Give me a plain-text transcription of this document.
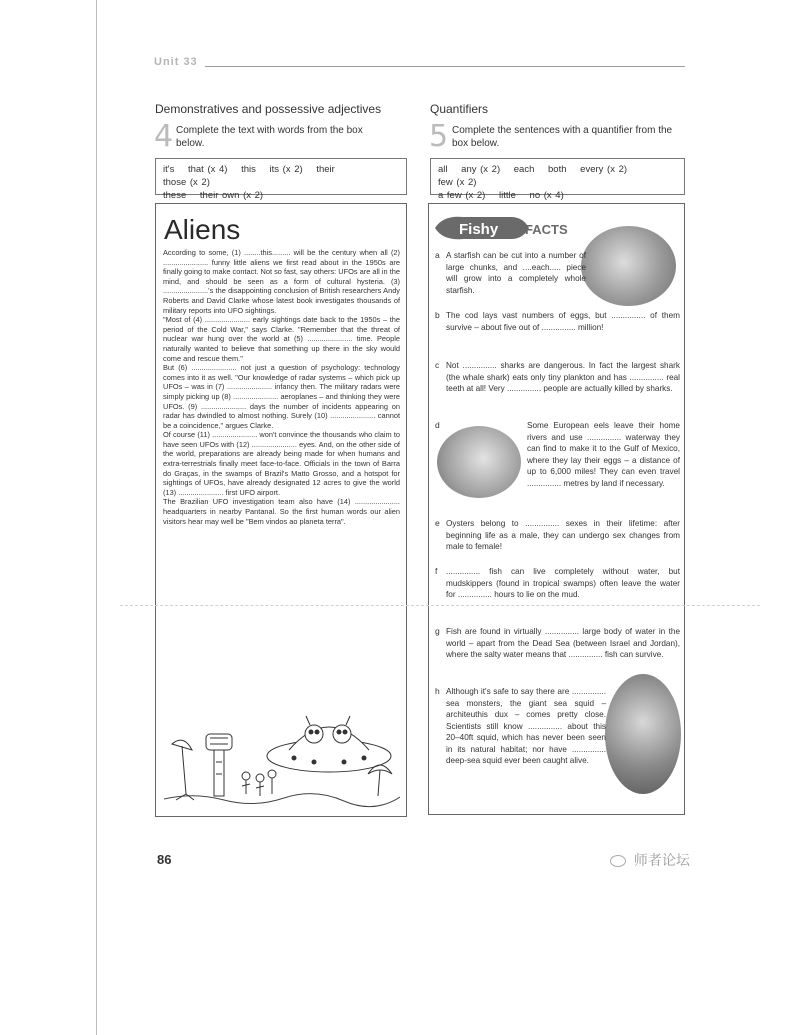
Unit 33
Demonstratives and possessive adjectives
4 Complete the text with words from the box below.
it's that (x 4) this its (x 2) their those (x 2)
these their own (x 2)
Quantifiers
5 Complete the sentences with a quantifier from the box below.
all any (x 2) each both every (x 2) few (x 2)
a few (x 2) little no (x 4)
Aliens

According to some, (1) ........this......... will be the century when all (2) ...................... funny little aliens we first read about in the 1950s are finally going to make contact. Not so fast, say others: UFOs are all in the mind, and should be seen as a form of cultural hysteria. (3) ......................'s the disappointing conclusion of British researchers Andy Roberts and David Clarke whose latest book investigates thousands of military reports into UFO sightings.

"Most of (4) ...................... early sightings date back to the 1950s – the period of the Cold War," says Clarke. "Remember that the threat of nuclear war hung over the world at (5) ...................... time. People naturally wanted to believe that something up there in the sky would come and rescue them."

But (6) ...................... not just a question of psychology: technology comes into it as well. "Our knowledge of radar systems – which pick up UFOs – was in (7) ...................... infancy then. The military radars were simply picking up (8) ...................... aeroplanes – and thinking they were UFOs. (9) ...................... days the number of incidents appearing on radar has dwindled to almost nothing. Surely (10) ...................... cannot be a coincidence," argues Clarke.

Of course (11) ...................... won't convince the thousands who claim to have seen UFOs with (12) ...................... eyes. And, on the other side of the world, preparations are already being made for when humans and extra-terrestrials finally meet face-to-face. Officials in the town of Barra do Graças, in the swamps of Brazil's Matto Grosso, and a hotspot for sightings of UFOs, have already designated 12 acres to give the world (13) ...................... first UFO airport.

The Brazilian UFO investigation team also have (14) ...................... headquarters in nearby Pantanal. So the first human words our alien visitors hear may well be "Bem vindos ao planeta terra".

Fishy FACTS
a A starfish can be cut into a number of large chunks, and ....each..... piece will grow into a completely whole starfish.
b The cod lays vast numbers of eggs, but ............... of them survive – about five out of ............... million!
c Not ............... sharks are dangerous. In fact the largest shark (the whale shark) eats only tiny plankton and has ............... real teeth at all! Very ............... people are actually killed by sharks.
d	Some European eels leave their home rivers and use ............... waterway they can find to make it to the Gulf of Mexico, where they lay their eggs – a distance of up to 6,000 miles! They can even travel ............... metres by land if necessary.
e Oysters belong to ............... sexes in their lifetime: after beginning life as a male, they can undergo sex changes from male to female!
f ............... fish can live completely without water, but mudskippers (found in tropical swamps) often leave the water for ............... hours to lie on the mud.
g Fish are found in virtually ............... large body of water in the world – apart from the Dead Sea (between Israel and Jordan), where the salty water means that ............... fish can survive.
h Although it's safe to say there are ............... sea monsters, the giant sea squid – architeuthis dux – comes pretty close. Scientists still know ............... about this 20–40ft squid, which has never been seen in its natural habitat; nor have ............... deep-sea squid ever been caught alive.
86	师者论坛
